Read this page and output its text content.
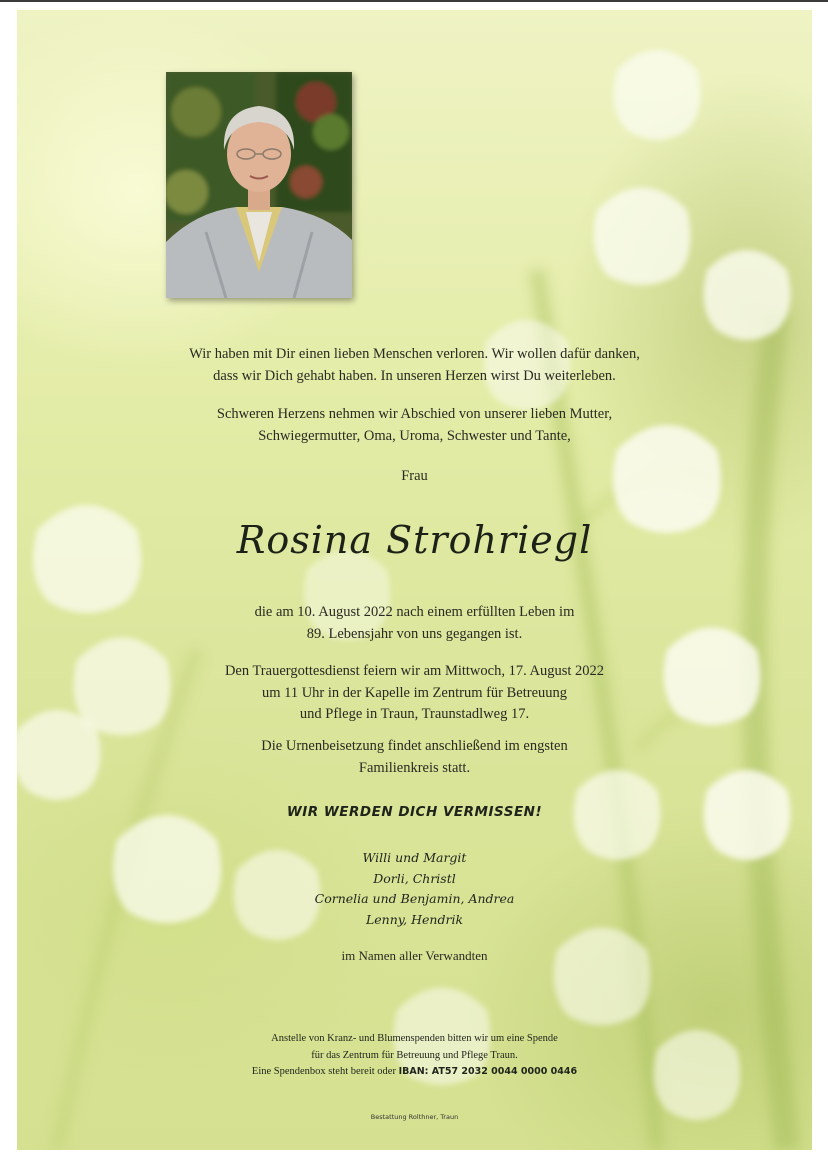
Wir haben mit Dir einen lieben Menschen verloren. Wir wollen dafür danken,

dass wir Dich gehabt haben. In unseren Herzen wirst Du weiterleben.

Schweren Herzens nehmen wir Abschied von unserer lieben Mutter,

Schwiegermutter, Oma, Uroma, Schwester und Tante,

Frau

Rosina Strohriegl

die am 10. August 2022 nach einem erfüllten Leben im

89. Lebensjahr von uns gegangen ist.

Den Trauergottesdienst feiern wir am Mittwoch, 17. August 2022

um 11 Uhr in der Kapelle im Zentrum für Betreuung

und Pflege in Traun, Traunstadlweg 17.

Die Urnenbeisetzung findet anschließend im engsten

Familienkreis statt.

WIR WERDEN DICH VERMISSEN!

Willi und Margit

Dorli, Christl

Cornelia und Benjamin, Andrea

Lenny, Hendrik

im Namen aller Verwandten

Anstelle von Kranz- und Blumenspenden bitten wir um eine Spende

für das Zentrum für Betreuung und Pflege Traun.

Eine Spendenbox steht bereit oder IBAN: AT57 2032 0044 0000 0446

Bestattung Rolthner, Traun
